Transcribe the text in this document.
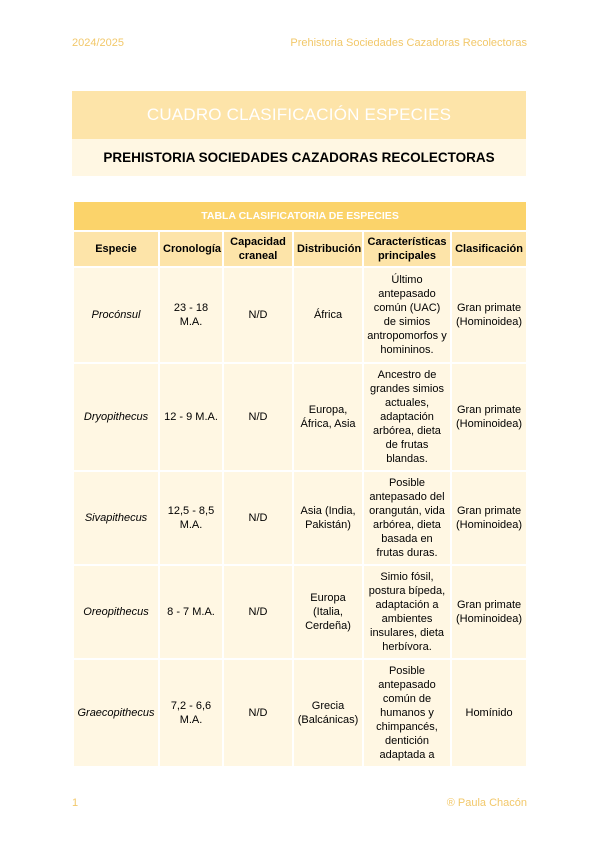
2024/2025	Prehistoria Sociedades Cazadoras Recolectoras
CUADRO CLASIFICACIÓN ESPECIES
PREHISTORIA SOCIEDADES CAZADORAS RECOLECTORAS
TABLA CLASIFICATORIA DE ESPECIES					
Especie	Cronología	Capacidad craneal	Distribución	Características principales	Clasificación
Procónsul	23 - 18 M.A.	N/D	África	Último antepasado común (UAC) de simios antropomorfos y homininos.	Gran primate (Hominoidea)
Dryopithecus	12 - 9 M.A.	N/D	Europa, África, Asia	Ancestro de grandes simios actuales, adaptación arbórea, dieta de frutas blandas.	Gran primate (Hominoidea)
Sivapithecus	12,5 - 8,5 M.A.	N/D	Asia (India, Pakistán)	Posible antepasado del orangután, vida arbórea, dieta basada en frutas duras.	Gran primate (Hominoidea)
Oreopithecus	8 - 7 M.A.	N/D	Europa (Italia, Cerdeña)	Simio fósil, postura bípeda, adaptación a ambientes insulares, dieta herbívora.	Gran primate (Hominoidea)
Graecopithecus	7,2 - 6,6 M.A.	N/D	Grecia (Balcánicas)	Posible antepasado común de humanos y chimpancés, dentición adaptada a	Homínido
1	® Paula Chacón
